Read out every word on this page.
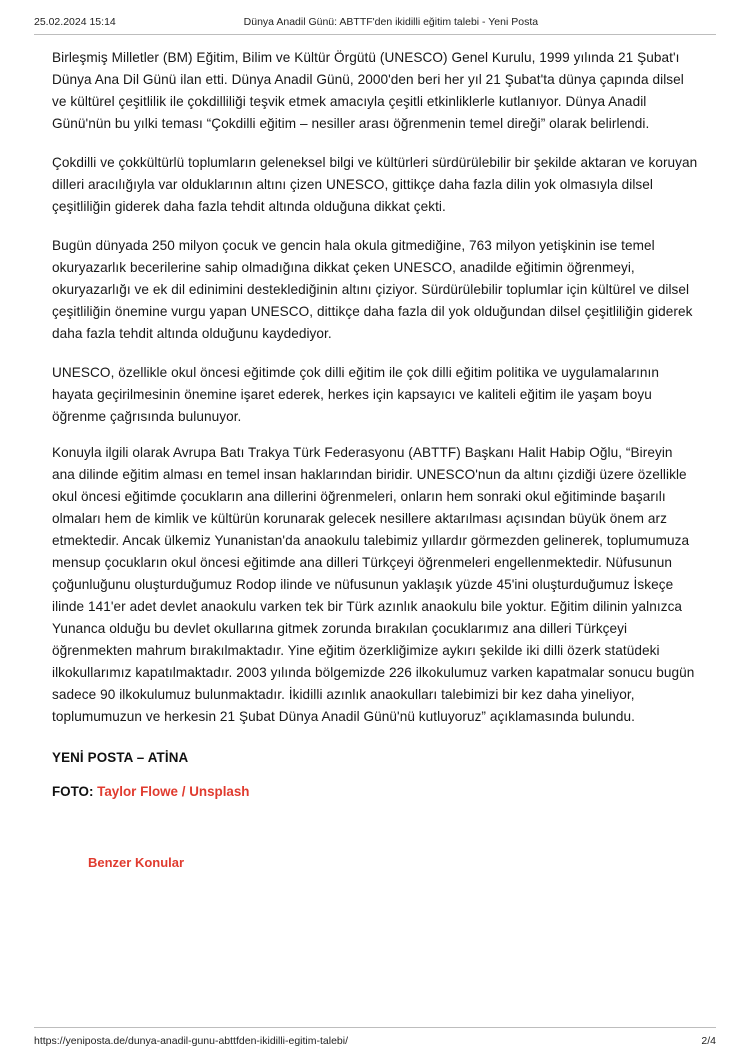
25.02.2024 15:14	Dünya Anadil Günü: ABTTF'den ikidilli eğitim talebi - Yeni Posta

Birleşmiş Milletler (BM) Eğitim, Bilim ve Kültür Örgütü (UNESCO) Genel Kurulu, 1999 yılında 21 Şubat'ı Dünya Ana Dil Günü ilan etti. Dünya Anadil Günü, 2000'den beri her yıl 21 Şubat'ta dünya çapında dilsel ve kültürel çeşitlilik ile çokdilliliği teşvik etmek amacıyla çeşitli etkinliklerle kutlanıyor. Dünya Anadil Günü'nün bu yılki teması “Çokdilli eğitim – nesiller arası öğrenmenin temel direği” olarak belirlendi.

Çokdilli ve çokkültürlü toplumların geleneksel bilgi ve kültürleri sürdürülebilir bir şekilde aktaran ve koruyan dilleri aracılığıyla var olduklarının altını çizen UNESCO, gittikçe daha fazla dilin yok olmasıyla dilsel çeşitliliğin giderek daha fazla tehdit altında olduğuna dikkat çekti.

Bugün dünyada 250 milyon çocuk ve gencin hala okula gitmediğine, 763 milyon yetişkinin ise temel okuryazarlık becerilerine sahip olmadığına dikkat çeken UNESCO, anadilde eğitimin öğrenmeyi, okuryazarlığı ve ek dil edinimini desteklediğinin altını çiziyor. Sürdürülebilir toplumlar için kültürel ve dilsel çeşitliliğin önemine vurgu yapan UNESCO, dittikçe daha fazla dil yok olduğundan dilsel çeşitliliğin giderek daha fazla tehdit altında olduğunu kaydediyor.

UNESCO, özellikle okul öncesi eğitimde çok dilli eğitim ile çok dilli eğitim politika ve uygulamalarının hayata geçirilmesinin önemine işaret ederek, herkes için kapsayıcı ve kaliteli eğitim ile yaşam boyu öğrenme çağrısında bulunuyor.

Konuyla ilgili olarak Avrupa Batı Trakya Türk Federasyonu (ABTTF) Başkanı Halit Habip Oğlu, “Bireyin ana dilinde eğitim alması en temel insan haklarından biridir. UNESCO'nun da altını çizdiği üzere özellikle okul öncesi eğitimde çocukların ana dillerini öğrenmeleri, onların hem sonraki okul eğitiminde başarılı olmaları hem de kimlik ve kültürün korunarak gelecek nesillere aktarılması açısından büyük önem arz etmektedir. Ancak ülkemiz Yunanistan'da anaokulu talebimiz yıllardır görmezden gelinerek, toplumumuza mensup çocukların okul öncesi eğitimde ana dilleri Türkçeyi öğrenmeleri engellenmektedir. Nüfusunun çoğunluğunu oluşturduğumuz Rodop ilinde ve nüfusunun yaklaşık yüzde 45'ini oluşturduğumuz İskeçe ilinde 141'er adet devlet anaokulu varken tek bir Türk azınlık anaokulu bile yoktur. Eğitim dilinin yalnızca Yunanca olduğu bu devlet okullarına gitmek zorunda bırakılan çocuklarımız ana dilleri Türkçeyi öğrenmekten mahrum bırakılmaktadır. Yine eğitim özerkliğimize aykırı şekilde iki dilli özerk statüdeki ilkokullarımız kapatılmaktadır. 2003 yılında bölgemizde 226 ilkokulumuz varken kapatmalar sonucu bugün sadece 90 ilkokulumuz bulunmaktadır. İkidilli azınlık anaokulları talebimizi bir kez daha yineliyor, toplumumuzun ve herkesin 21 Şubat Dünya Anadil Günü'nü kutluyoruz” açıklamasında bulundu.

YENİ POSTA – ATİNA
FOTO: Taylor Flowe / Unsplash
Benzer Konular
https://yeniposta.de/dunya-anadil-gunu-abttfden-ikidilli-egitim-talebi/	2/4
